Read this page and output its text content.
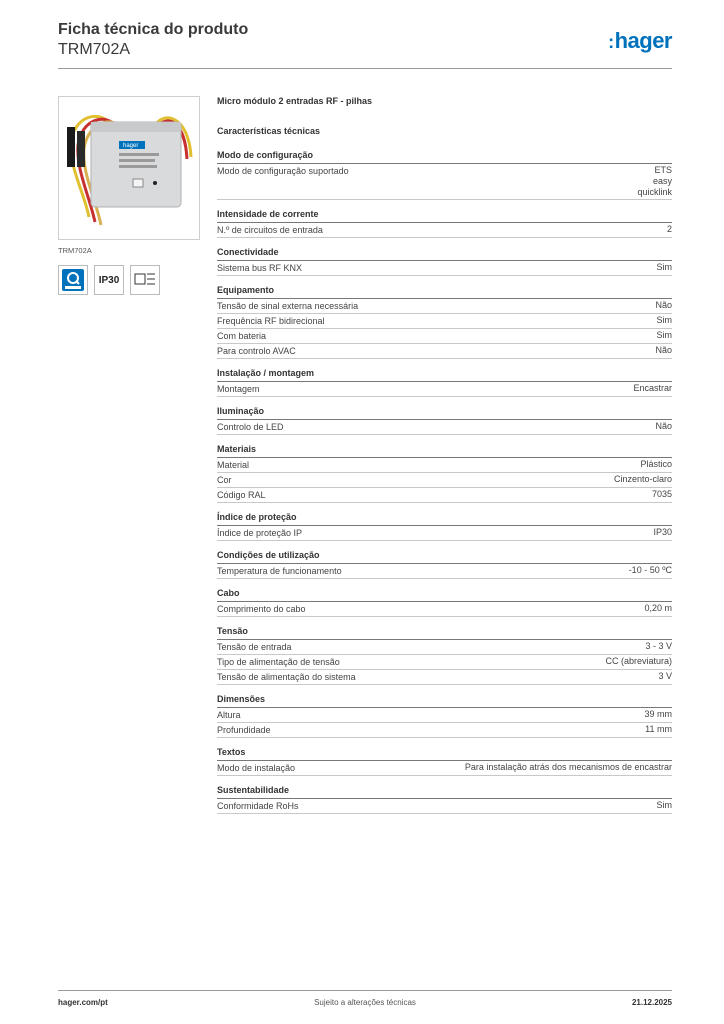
Ficha técnica do produto
TRM702A	:hager
hager
TRM702A
IP30
Micro módulo 2 entradas RF - pilhas
Características técnicas
Modo de configuração
Modo de configuração suportado	ETS
easy
quicklink
Intensidade de corrente
N.º de circuitos de entrada	2
Conectividade
Sistema bus RF KNX	Sim
Equipamento
Tensão de sinal externa necessária	Não
Frequência RF bidirecional	Sim
Com bateria	Sim
Para controlo AVAC	Não
Instalação / montagem
Montagem	Encastrar
Iluminação
Controlo de LED	Não
Materiais
Material	Plástico
Cor	Cinzento-claro
Código RAL	7035
Índice de proteção
Índice de proteção IP	IP30
Condições de utilização
Temperatura de funcionamento	-10 - 50 ºC
Cabo
Comprimento do cabo	0,20 m
Tensão
Tensão de entrada	3 - 3 V
Tipo de alimentação de tensão	CC (abreviatura)
Tensão de alimentação do sistema	3 V
Dimensões
Altura	39 mm
Profundidade	11 mm
Textos
Modo de instalação	Para instalação atrás dos mecanismos de encastrar
Sustentabilidade
Conformidade RoHs	Sim
hager.com/pt	Sujeito a alterações técnicas	21.12.2025
